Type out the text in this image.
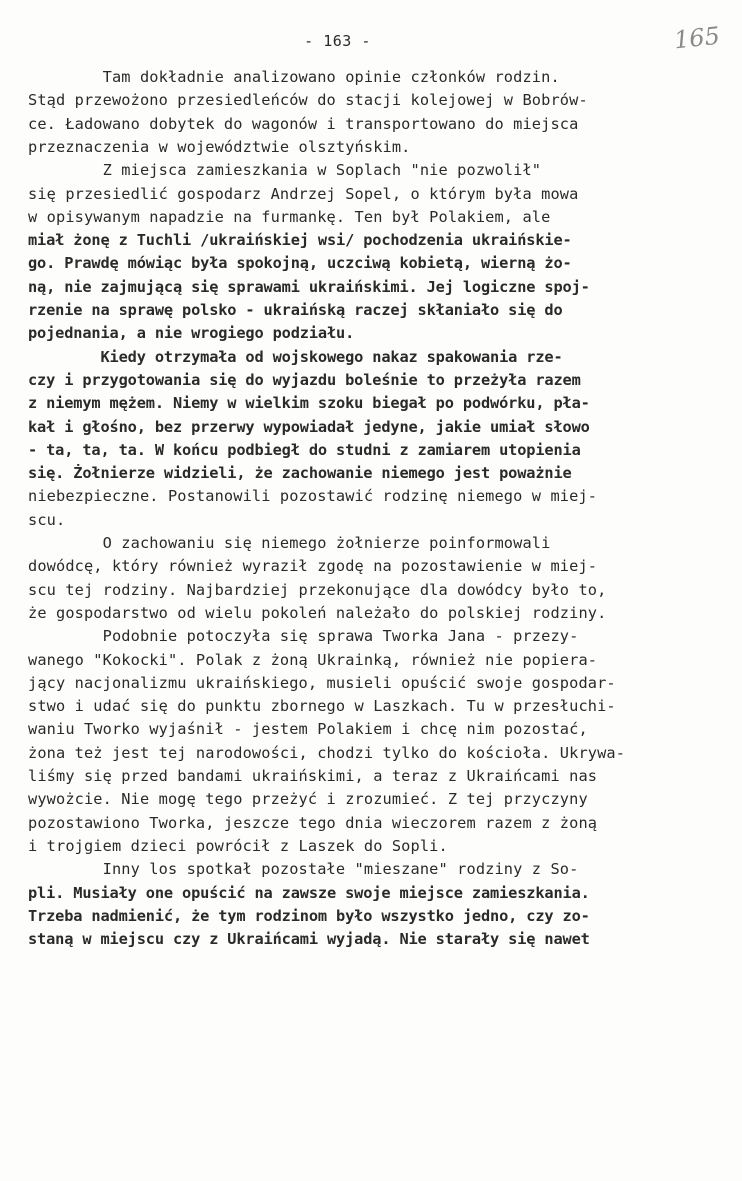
- 163 -	165
Tam dokładnie analizowano opinie członków rodzin.
Stąd przewożono przesiedleńców do stacji kolejowej w Bobrów-
ce. Ładowano dobytek do wagonów i transportowano do miejsca
przeznaczenia w województwie olsztyńskim.
Z miejsca zamieszkania w Soplach "nie pozwolił"
się przesiedlić gospodarz Andrzej Sopel, o którym była mowa
w opisywanym napadzie na furmankę. Ten był Polakiem, ale
miał żonę z Tuchli /ukraińskiej wsi/ pochodzenia ukraińskie-
go. Prawdę mówiąc była spokojną, uczciwą kobietą, wierną żo-
ną, nie zajmującą się sprawami ukraińskimi. Jej logiczne spoj-
rzenie na sprawę polsko - ukraińską raczej skłaniało się do
pojednania, a nie wrogiego podziału.
Kiedy otrzymała od wojskowego nakaz spakowania rze-
czy i przygotowania się do wyjazdu boleśnie to przeżyła razem
z niemym mężem. Niemy w wielkim szoku biegał po podwórku, pła-
kał i głośno, bez przerwy wypowiadał jedyne, jakie umiał słowo
- ta, ta, ta. W końcu podbiegł do studni z zamiarem utopienia
się. Żołnierze widzieli, że zachowanie niemego jest poważnie
niebezpieczne. Postanowili pozostawić rodzinę niemego w miej-
scu.
O zachowaniu się niemego żołnierze poinformowali
dowódcę, który również wyraził zgodę na pozostawienie w miej-
scu tej rodziny. Najbardziej przekonujące dla dowódcy było to,
że gospodarstwo od wielu pokoleń należało do polskiej rodziny.
Podobnie potoczyła się sprawa Tworka Jana - przezy-
wanego "Kokocki". Polak z żoną Ukrainką, również nie popiera-
jący nacjonalizmu ukraińskiego, musieli opuścić swoje gospodar-
stwo i udać się do punktu zbornego w Laszkach. Tu w przesłuchi-
waniu Tworko wyjaśnił - jestem Polakiem i chcę nim pozostać,
żona też jest tej narodowości, chodzi tylko do kościoła. Ukrywa-
liśmy się przed bandami ukraińskimi, a teraz z Ukraińcami nas
wywożcie. Nie mogę tego przeżyć i zrozumieć. Z tej przyczyny
pozostawiono Tworka, jeszcze tego dnia wieczorem razem z żoną
i trojgiem dzieci powrócił z Laszek do Sopli.
Inny los spotkał pozostałe "mieszane" rodziny z So-
pli. Musiały one opuścić na zawsze swoje miejsce zamieszkania.
Trzeba nadmienić, że tym rodzinom było wszystko jedno, czy zo-
staną w miejscu czy z Ukraińcami wyjadą. Nie starały się nawet
